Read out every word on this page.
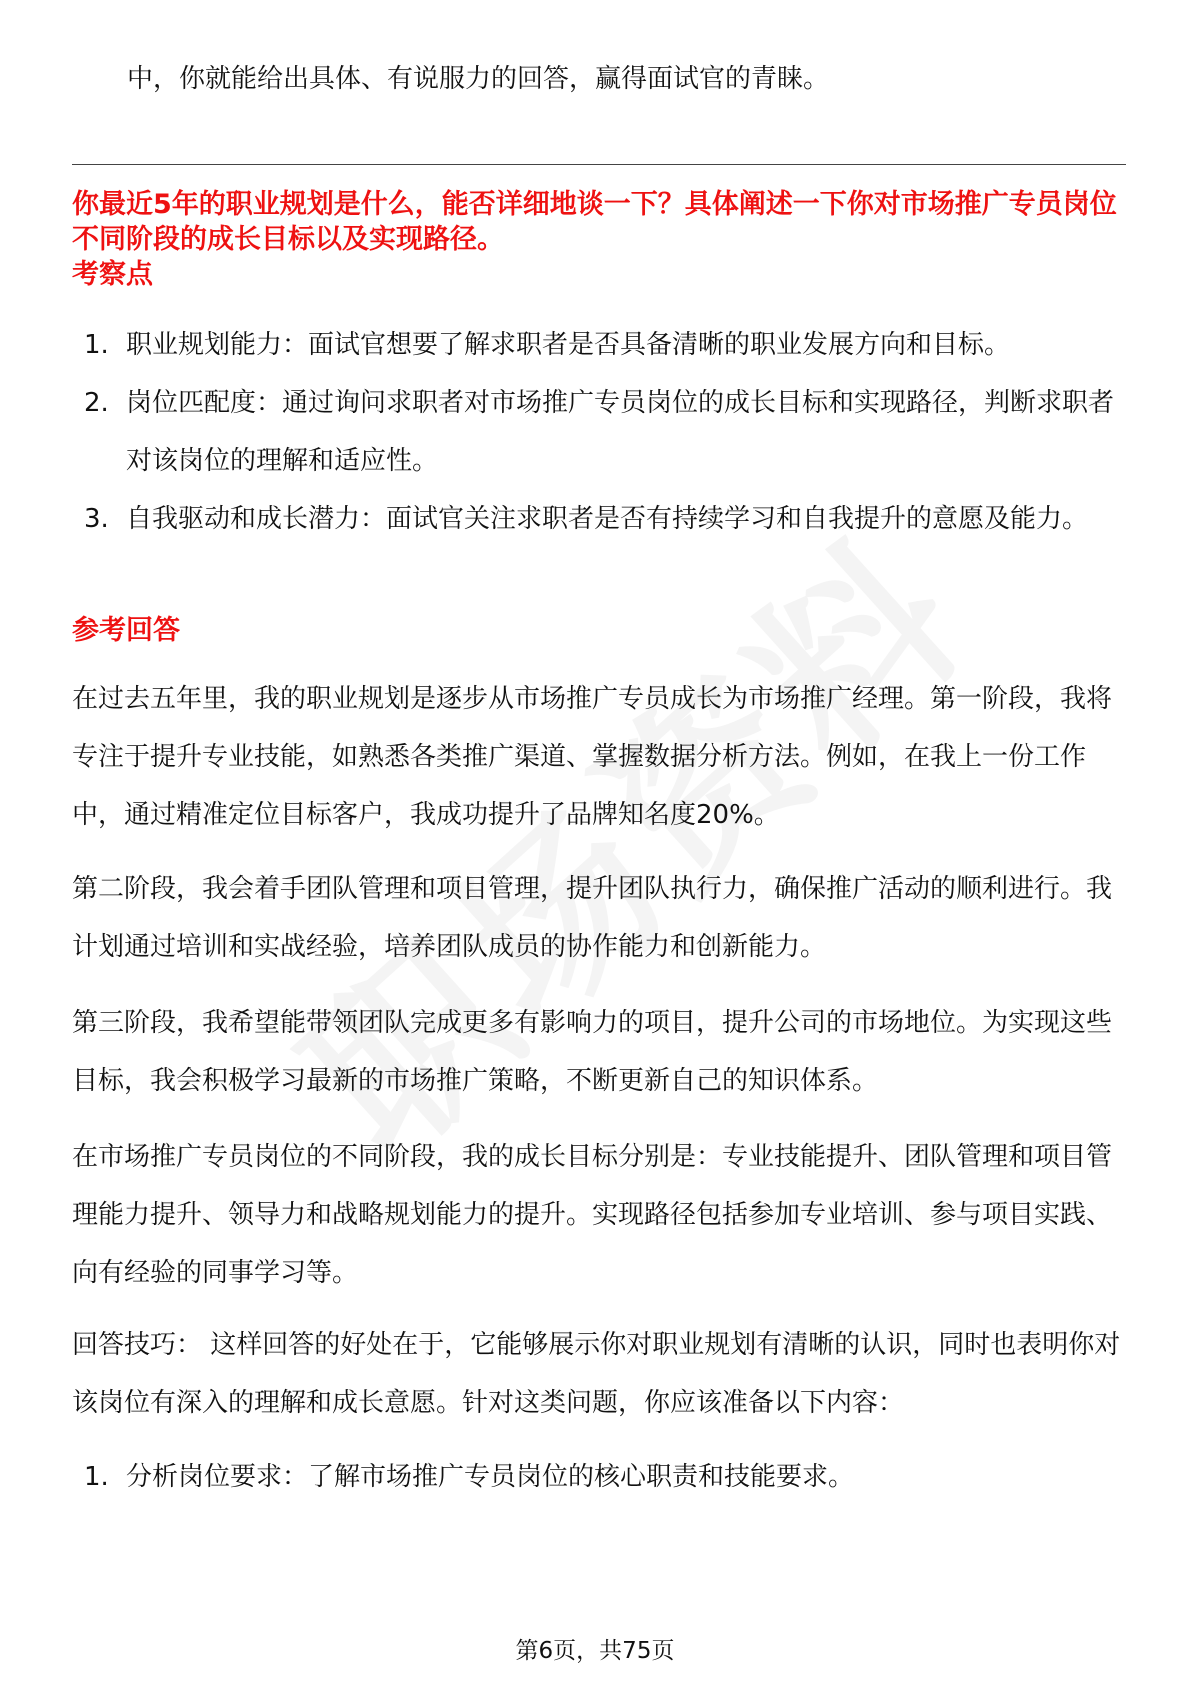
中，你就能给出具体、有说服力的回答，赢得面试官的青睐。
你最近5年的职业规划是什么，能否详细地谈一下？具体阐述一下你对市场推广专员岗位不同阶段的成长目标以及实现路径。
考察点
1. 职业规划能力：面试官想要了解求职者是否具备清晰的职业发展方向和目标。
2. 岗位匹配度：通过询问求职者对市场推广专员岗位的成长目标和实现路径，判断求职者对该岗位的理解和适应性。
3. 自我驱动和成长潜力：面试官关注求职者是否有持续学习和自我提升的意愿及能力。
参考回答

在过去五年里，我的职业规划是逐步从市场推广专员成长为市场推广经理。第一阶段，我将专注于提升专业技能，如熟悉各类推广渠道、掌握数据分析方法。例如，在我上一份工作中，通过精准定位目标客户，我成功提升了品牌知名度20%。

第二阶段，我会着手团队管理和项目管理，提升团队执行力，确保推广活动的顺利进行。我计划通过培训和实战经验，培养团队成员的协作能力和创新能力。

第三阶段，我希望能带领团队完成更多有影响力的项目，提升公司的市场地位。为实现这些目标，我会积极学习最新的市场推广策略，不断更新自己的知识体系。

在市场推广专员岗位的不同阶段，我的成长目标分别是：专业技能提升、团队管理和项目管理能力提升、领导力和战略规划能力的提升。实现路径包括参加专业培训、参与项目实践、向有经验的同事学习等。

回答技巧： 这样回答的好处在于，它能够展示你对职业规划有清晰的认识，同时也表明你对该岗位有深入的理解和成长意愿。针对这类问题，你应该准备以下内容：

1. 分析岗位要求：了解市场推广专员岗位的核心职责和技能要求。
第6页，共75页
